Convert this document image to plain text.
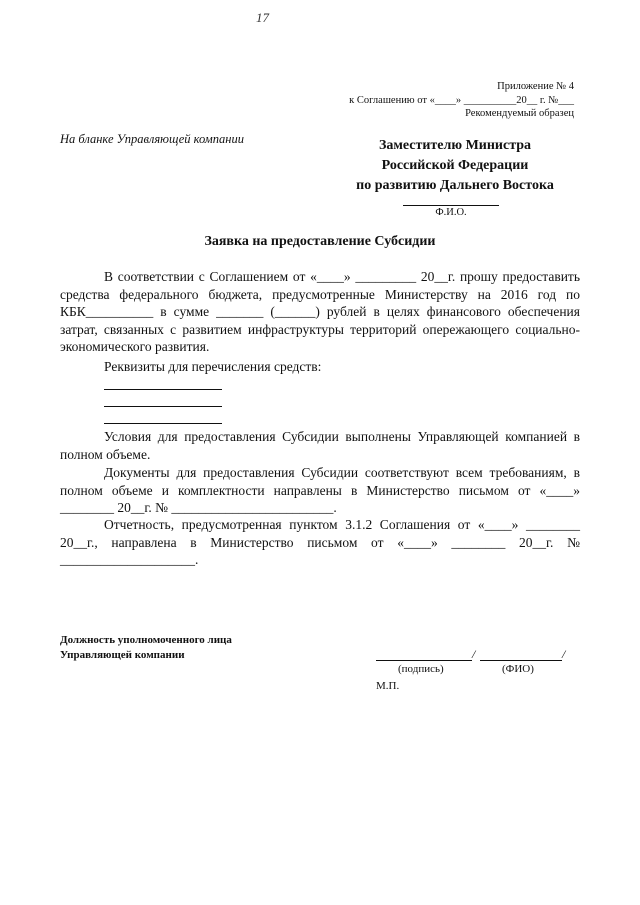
17
Приложение № 4
к Соглашению от «____» __________20__ г. №___
Рекомендуемый образец
На бланке Управляющей компании	Заместителю Министра
Российской Федерации
по развитию Дальнего Востока
Ф.И.О.
Заявка на предоставление Субсидии
В соответствии с Соглашением от «____» _________ 20__г. прошу предоставить средства федерального бюджета, предусмотренные Министерству на 2016 год по КБК__________ в сумме _______ (______) рублей в целях финансового обеспечения затрат, связанных с развитием инфраструктуры территорий опережающего социально-экономического развития.
Реквизиты для перечисления средств:
Условия для предоставления Субсидии выполнены Управляющей компанией в полном объеме.
Документы для предоставления Субсидии соответствуют всем требованиям, в полном объеме и комплектности направлены в Министерство письмом от «____» ________ 20__г. № ________________________.
Отчетность, предусмотренная пунктом 3.1.2 Соглашения от «____» ________ 20__г., направлена в Министерство письмом от «____» ________ 20__г. № ____________________.
Должность уполномоченного лица
Управляющей компании	/	/
(подпись)	(ФИО)
М.П.
